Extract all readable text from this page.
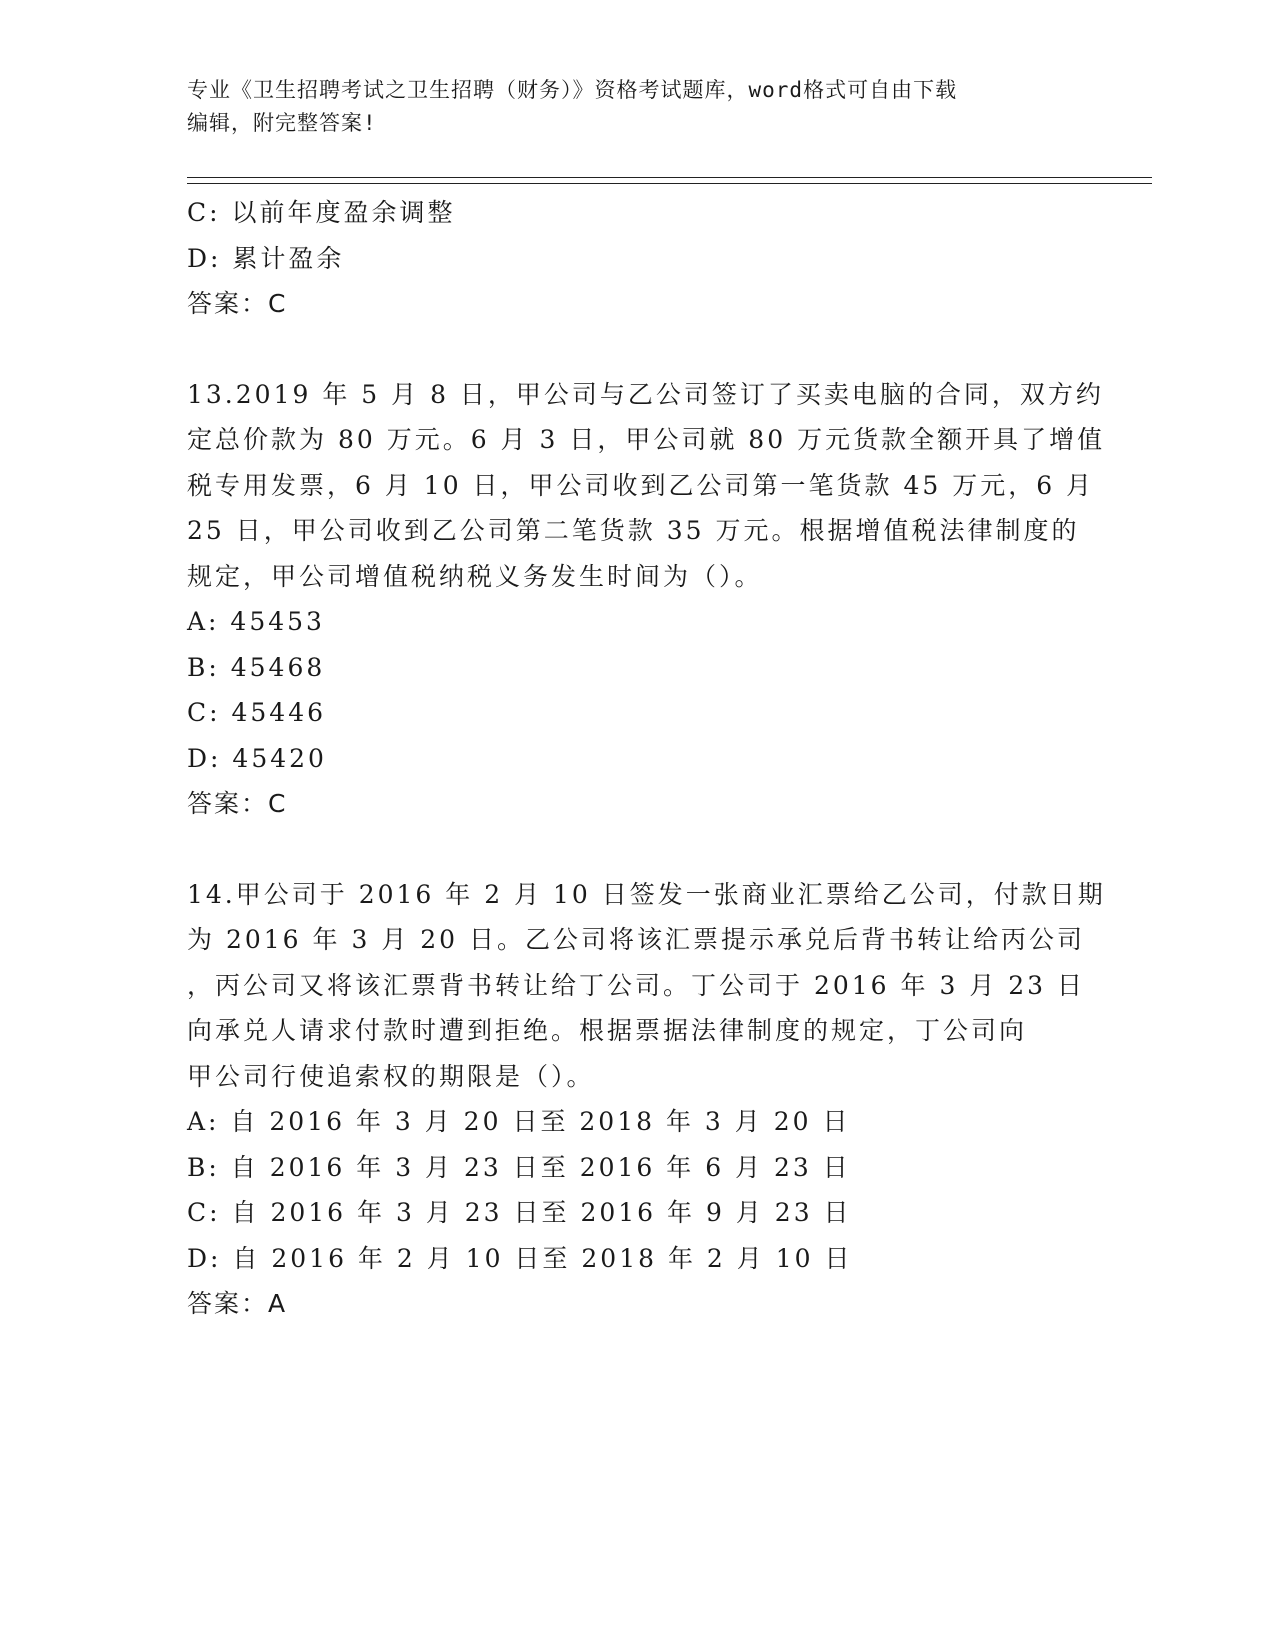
专业《卫生招聘考试之卫生招聘（财务）》资格考试题库，word格式可自由下载
编辑，附完整答案!
C: 以前年度盈余调整
D: 累计盈余
答案：C
13.2019 年 5 月 8 日，甲公司与乙公司签订了买卖电脑的合同，双方约
定总价款为 80 万元。6 月 3 日，甲公司就 80 万元货款全额开具了增值
税专用发票，6 月 10 日，甲公司收到乙公司第一笔货款 45 万元，6 月
25 日，甲公司收到乙公司第二笔货款 35 万元。根据增值税法律制度的
规定，甲公司增值税纳税义务发生时间为（）。
A: 45453
B: 45468
C: 45446
D: 45420
答案：C
14.甲公司于 2016 年 2 月 10 日签发一张商业汇票给乙公司，付款日期
为 2016 年 3 月 20 日。乙公司将该汇票提示承兑后背书转让给丙公司
，丙公司又将该汇票背书转让给丁公司。丁公司于 2016 年 3 月 23 日
向承兑人请求付款时遭到拒绝。根据票据法律制度的规定，丁公司向
甲公司行使追索权的期限是（）。
A: 自 2016 年 3 月 20 日至 2018 年 3 月 20 日
B: 自 2016 年 3 月 23 日至 2016 年 6 月 23 日
C: 自 2016 年 3 月 23 日至 2016 年 9 月 23 日
D: 自 2016 年 2 月 10 日至 2018 年 2 月 10 日
答案：A
